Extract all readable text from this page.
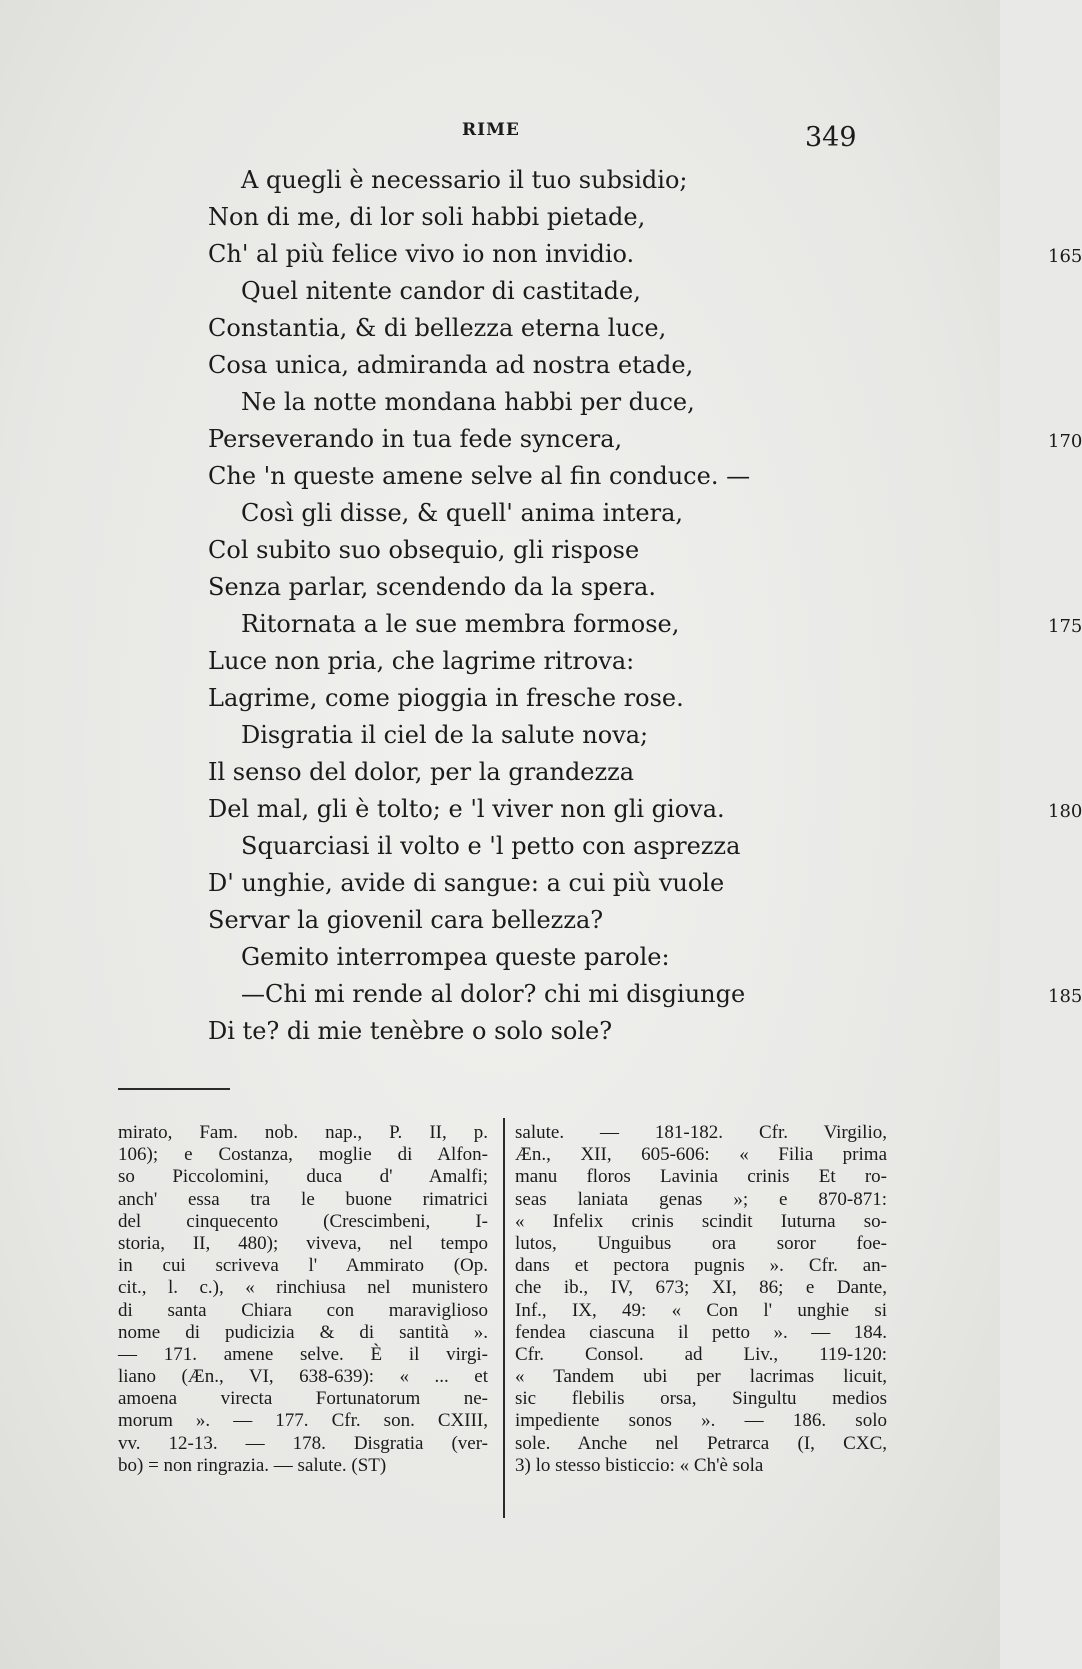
RIME	349
165
170
175
180
185
A quegli è necessario il tuo subsidio;
Non di me, di lor soli habbi pietade,
Ch' al più felice vivo io non invidio.
Quel nitente candor di castitade,
Constantia, & di bellezza eterna luce,
Cosa unica, admiranda ad nostra etade,
Ne la notte mondana habbi per duce,
Perseverando in tua fede syncera,
Che 'n queste amene selve al fin conduce. —
Così gli disse, & quell' anima intera,
Col subito suo obsequio, gli rispose
Senza parlar, scendendo da la spera.
Ritornata a le sue membra formose,
Luce non pria, che lagrime ritrova:
Lagrime, come pioggia in fresche rose.
Disgratia il ciel de la salute nova;
Il senso del dolor, per la grandezza
Del mal, gli è tolto; e 'l viver non gli giova.
Squarciasi il volto e 'l petto con asprezza
D' unghie, avide di sangue: a cui più vuole
Servar la giovenil cara bellezza?
Gemito interrompea queste parole:
—Chi mi rende al dolor? chi mi disgiunge
Di te? di mie tenèbre o solo sole?
mirato, Fam. nob. nap., P. II, p.
106); e Costanza, moglie di Alfon-
so Piccolomini, duca d' Amalfi;
anch' essa tra le buone rimatrici
del cinquecento (Crescimbeni, I-
storia, II, 480); viveva, nel tempo
in cui scriveva l' Ammirato (Op.
cit., l. c.), « rinchiusa nel munistero
di santa Chiara con maraviglioso
nome di pudicizia & di santità ».
— 171. amene selve. È il virgi-
liano (Æn., VI, 638-639): « ... et
amoena virecta Fortunatorum ne-
morum ». — 177. Cfr. son. CXIII,
vv. 12-13. — 178. Disgratia (ver-
bo) = non ringrazia. — salute. (ST)
salute. — 181-182. Cfr. Virgilio,
Æn., XII, 605-606: « Filia prima
manu floros Lavinia crinis Et ro-
seas laniata genas »; e 870-871:
« Infelix crinis scindit Iuturna so-
lutos, Unguibus ora soror foe-
dans et pectora pugnis ». Cfr. an-
che ib., IV, 673; XI, 86; e Dante,
Inf., IX, 49: « Con l' unghie si
fendea ciascuna il petto ». — 184.
Cfr. Consol. ad Liv., 119-120:
« Tandem ubi per lacrimas licuit,
sic flebilis orsa, Singultu medios
impediente sonos ». — 186. solo
sole. Anche nel Petrarca (I, CXC,
3) lo stesso bisticcio: « Ch'è sola
